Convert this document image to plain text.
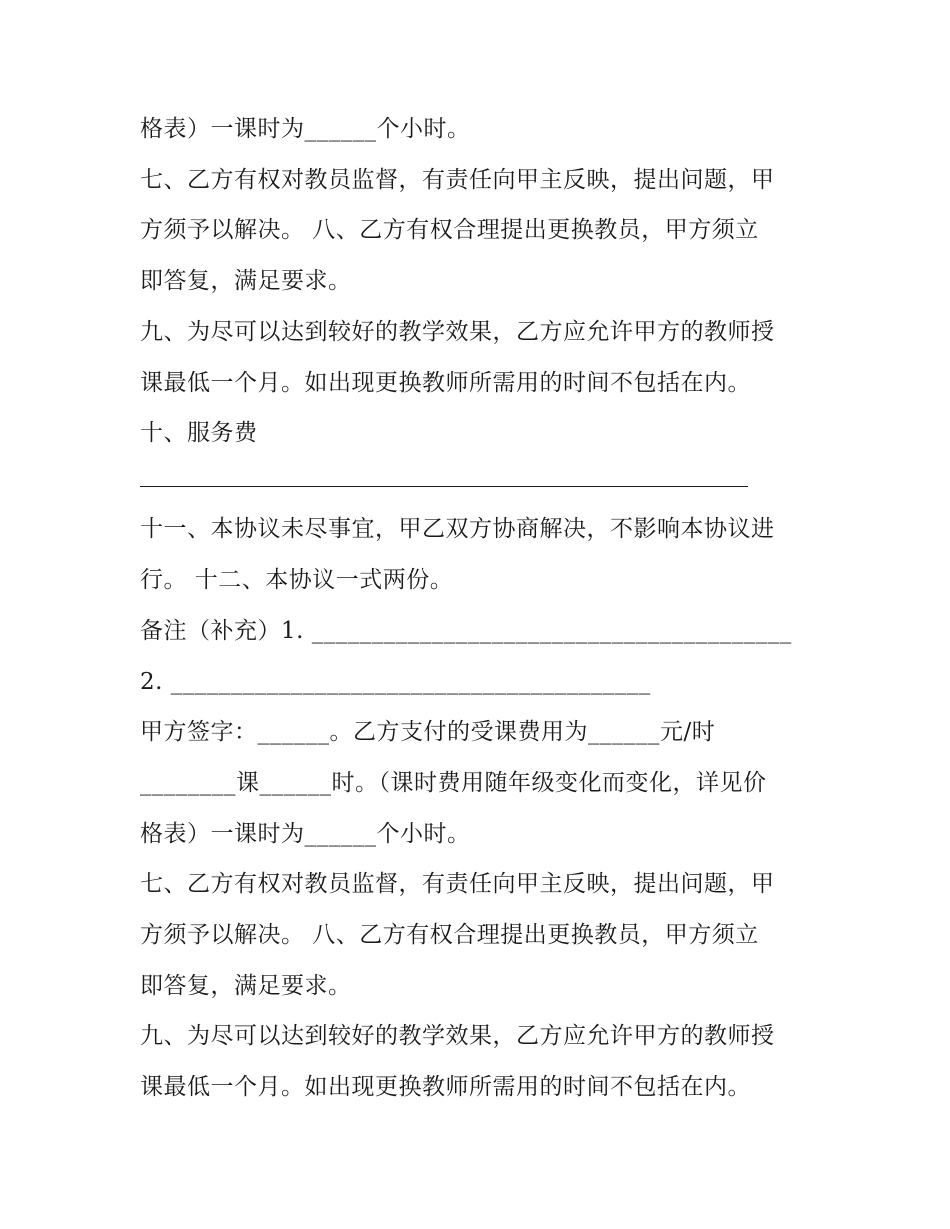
格表）一课时为______个小时。
七、乙方有权对教员监督，有责任向甲主反映，提出问题，甲
方须予以解决。 八、乙方有权合理提出更换教员，甲方须立
即答复，满足要求。
九、为尽可以达到较好的教学效果，乙方应允许甲方的教师授
课最低一个月。如出现更换教师所需用的时间不包括在内。
十、服务费
十一、本协议未尽事宜，甲乙双方协商解决，不影响本协议进
行。 十二、本协议一式两份。
备注（补充）1. ________________________________________
2. ________________________________________
甲方签字：______。乙方支付的受课费用为______元/时
________课______时。（课时费用随年级变化而变化，详见价
格表）一课时为______个小时。
七、乙方有权对教员监督，有责任向甲主反映，提出问题，甲
方须予以解决。 八、乙方有权合理提出更换教员，甲方须立
即答复，满足要求。
九、为尽可以达到较好的教学效果，乙方应允许甲方的教师授
课最低一个月。如出现更换教师所需用的时间不包括在内。
